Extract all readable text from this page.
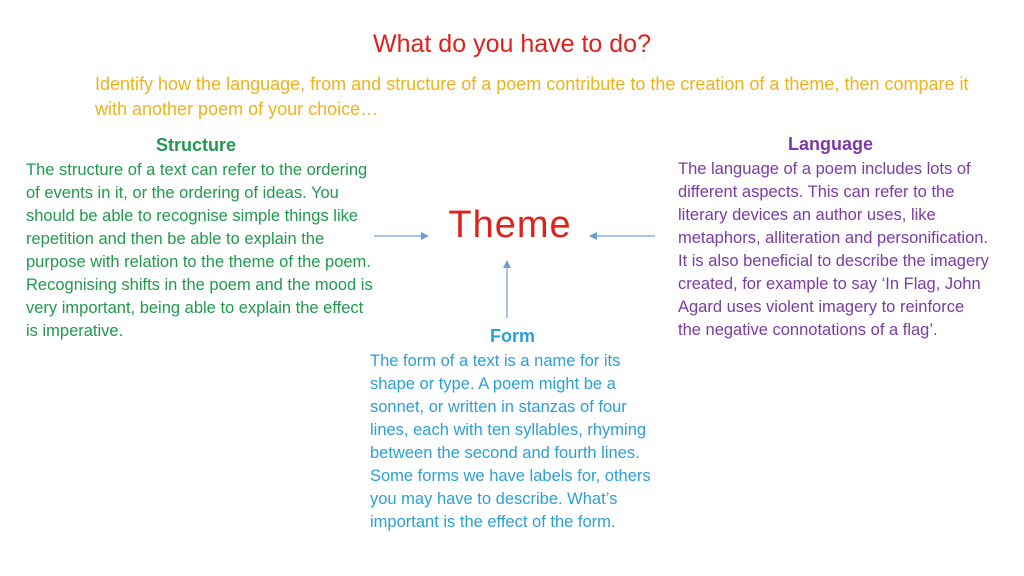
What do you have to do?
Identify how the language, from and structure of a poem contribute to the creation of a theme, then compare it with another poem of your choice…
Structure
The structure of a text can refer to the ordering of events in it, or the ordering of ideas. You should be able to recognise simple things like repetition and then be able to explain the purpose with relation to the theme of the poem. Recognising shifts in the poem and the mood is very important, being able to explain the effect is imperative.
Theme
Language
The language of a poem includes lots of different aspects. This can refer to the literary devices an author uses, like metaphors, alliteration and personification. It is also beneficial to describe the imagery created, for example to say ‘In Flag, John Agard uses violent imagery to reinforce the negative connotations of a flag’.
Form
The form of a text is a name for its shape or type. A poem might be a sonnet, or written in stanzas of four lines, each with ten syllables, rhyming between the second and fourth lines. Some forms we have labels for, others you may have to describe. What’s important is the effect of the form.
